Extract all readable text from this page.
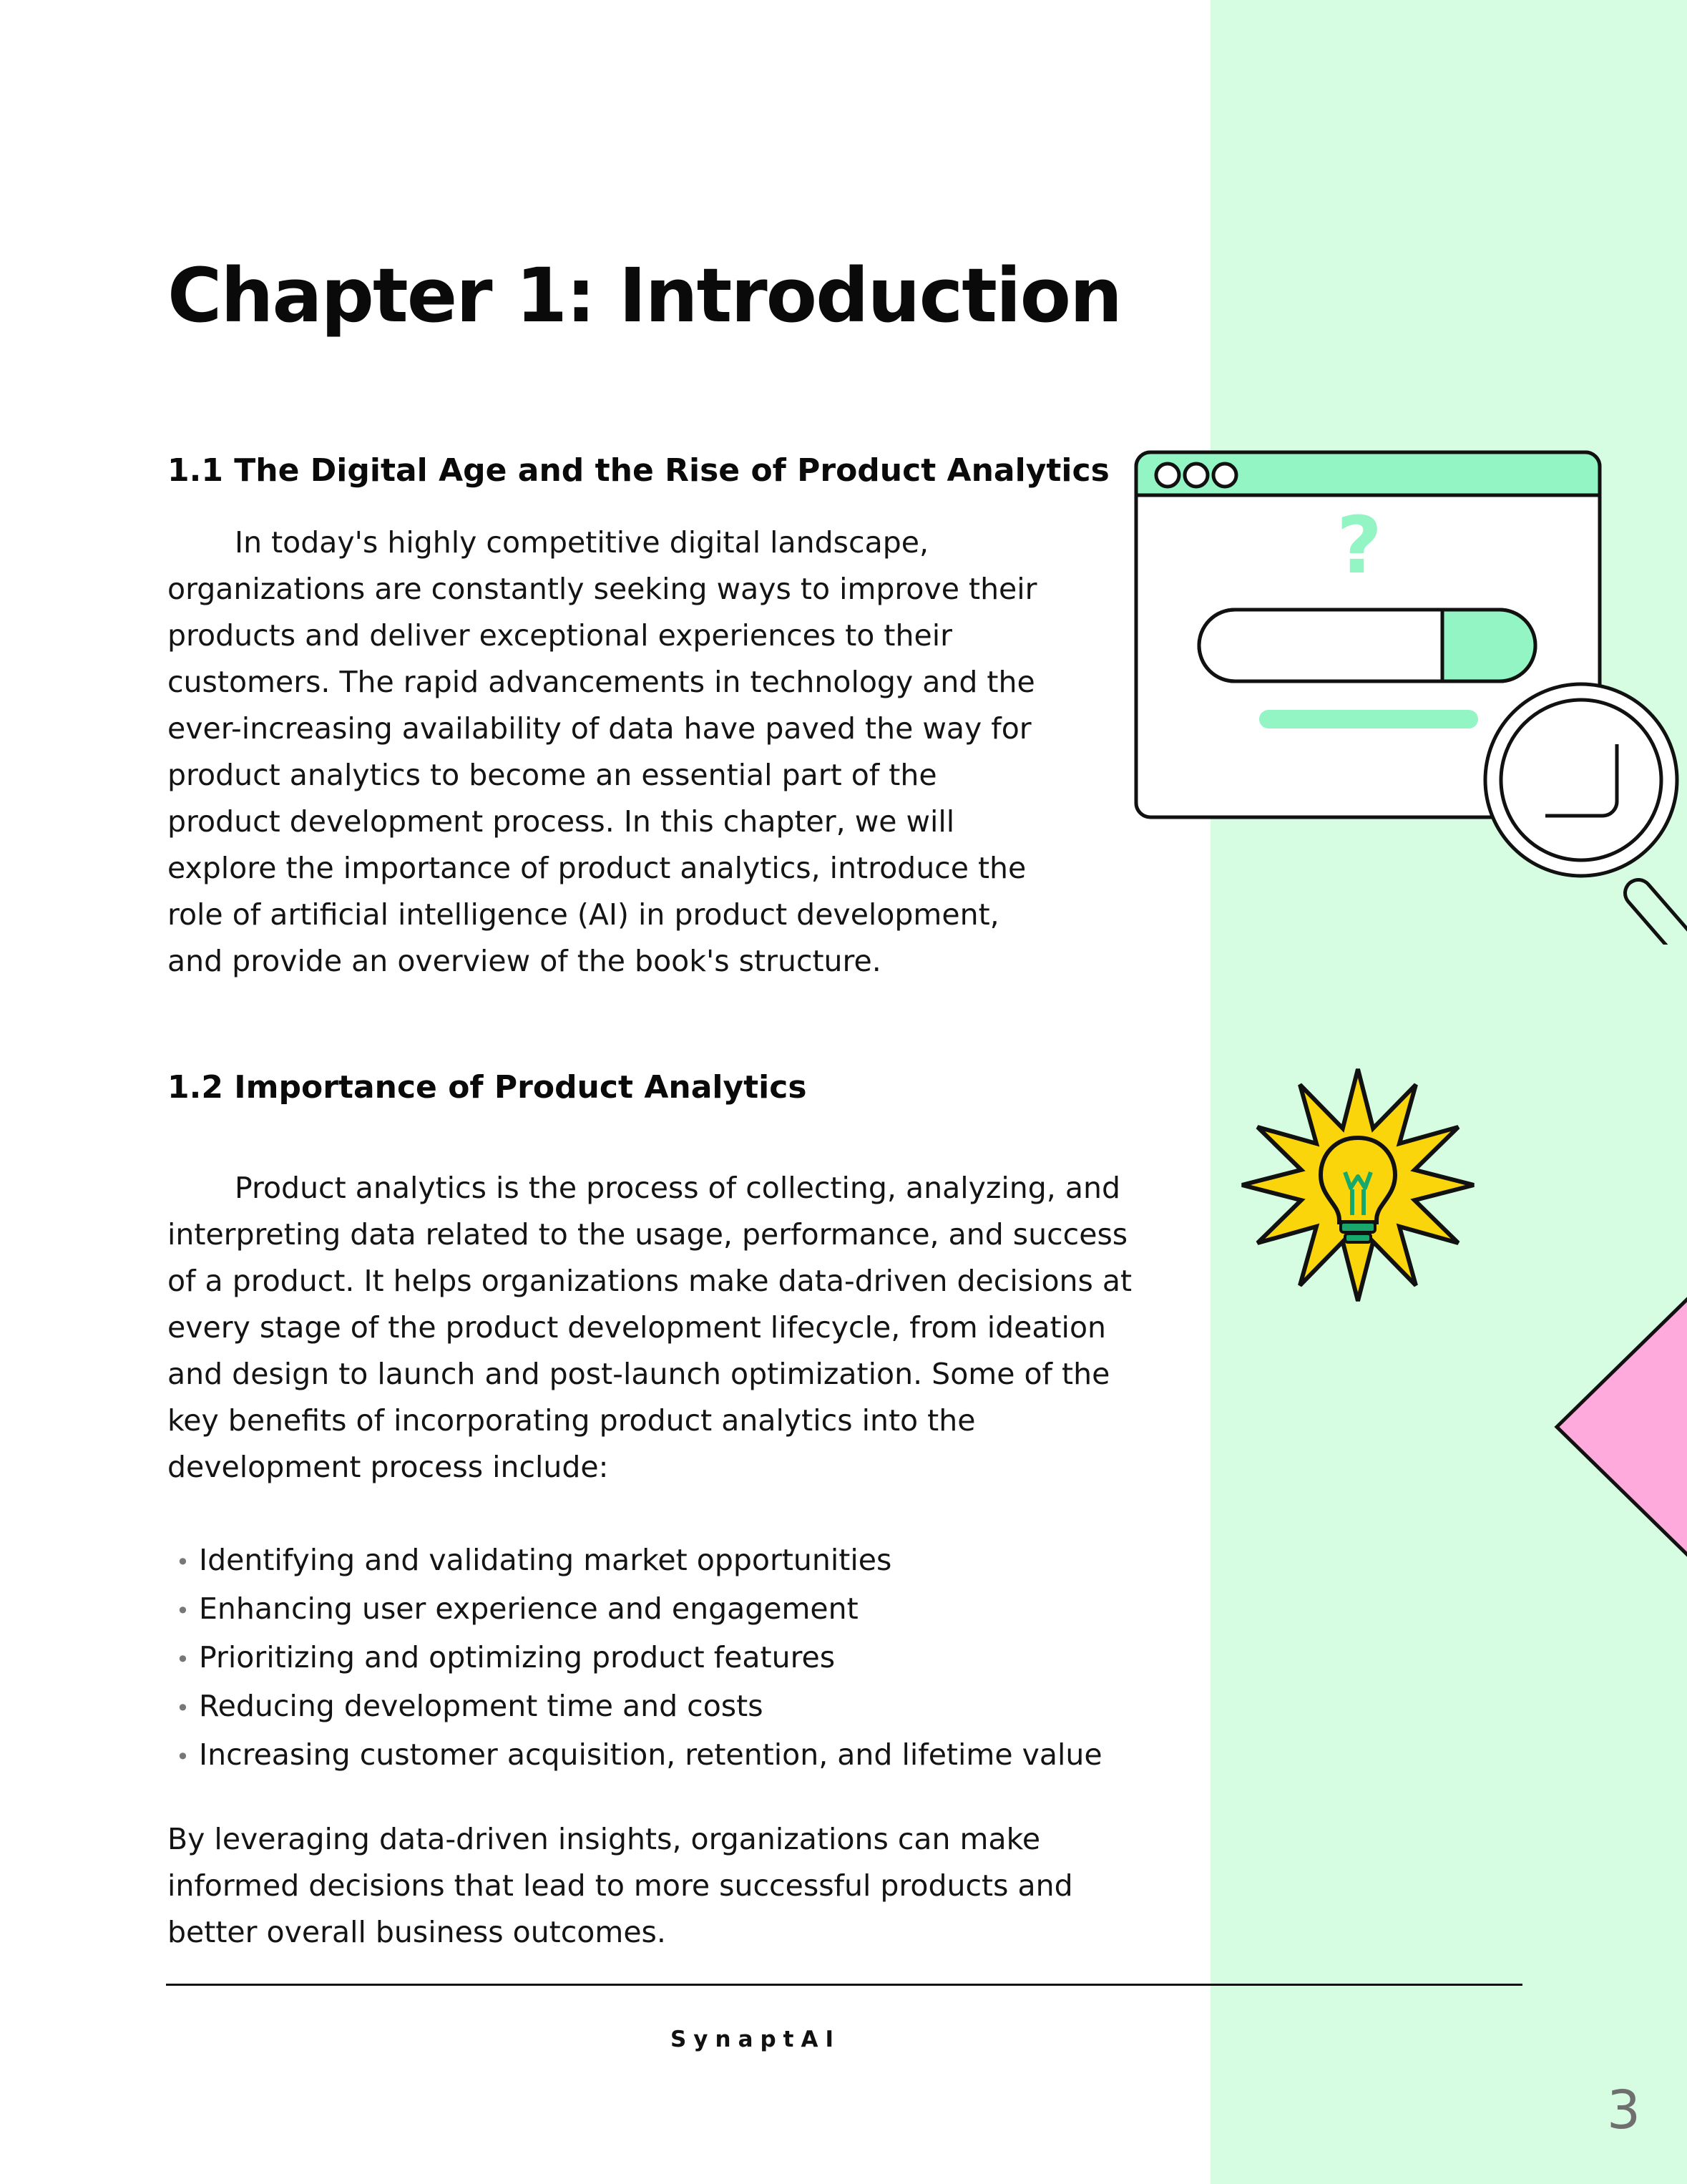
Chapter 1: Introduction
1.1 The Digital Age and the Rise of Product Analytics
In today's highly competitive digital landscape,
organizations are constantly seeking ways to improve their
products and deliver exceptional experiences to their
customers. The rapid advancements in technology and the
ever-increasing availability of data have paved the way for
product analytics to become an essential part of the
product development process. In this chapter, we will
explore the importance of product analytics, introduce the
role of artificial intelligence (AI) in product development,
and provide an overview of the book's structure.
1.2 Importance of Product Analytics
Product analytics is the process of collecting, analyzing, and
interpreting data related to the usage, performance, and success
of a product. It helps organizations make data-driven decisions at
every stage of the product development lifecycle, from ideation
and design to launch and post-launch optimization. Some of the
key benefits of incorporating product analytics into the
development process include:
• Identifying and validating market opportunities
• Enhancing user experience and engagement
• Prioritizing and optimizing product features
• Reducing development time and costs
• Increasing customer acquisition, retention, and lifetime value
By leveraging data-driven insights, organizations can make
informed decisions that lead to more successful products and
better overall business outcomes.
?
SynaptAI
3
